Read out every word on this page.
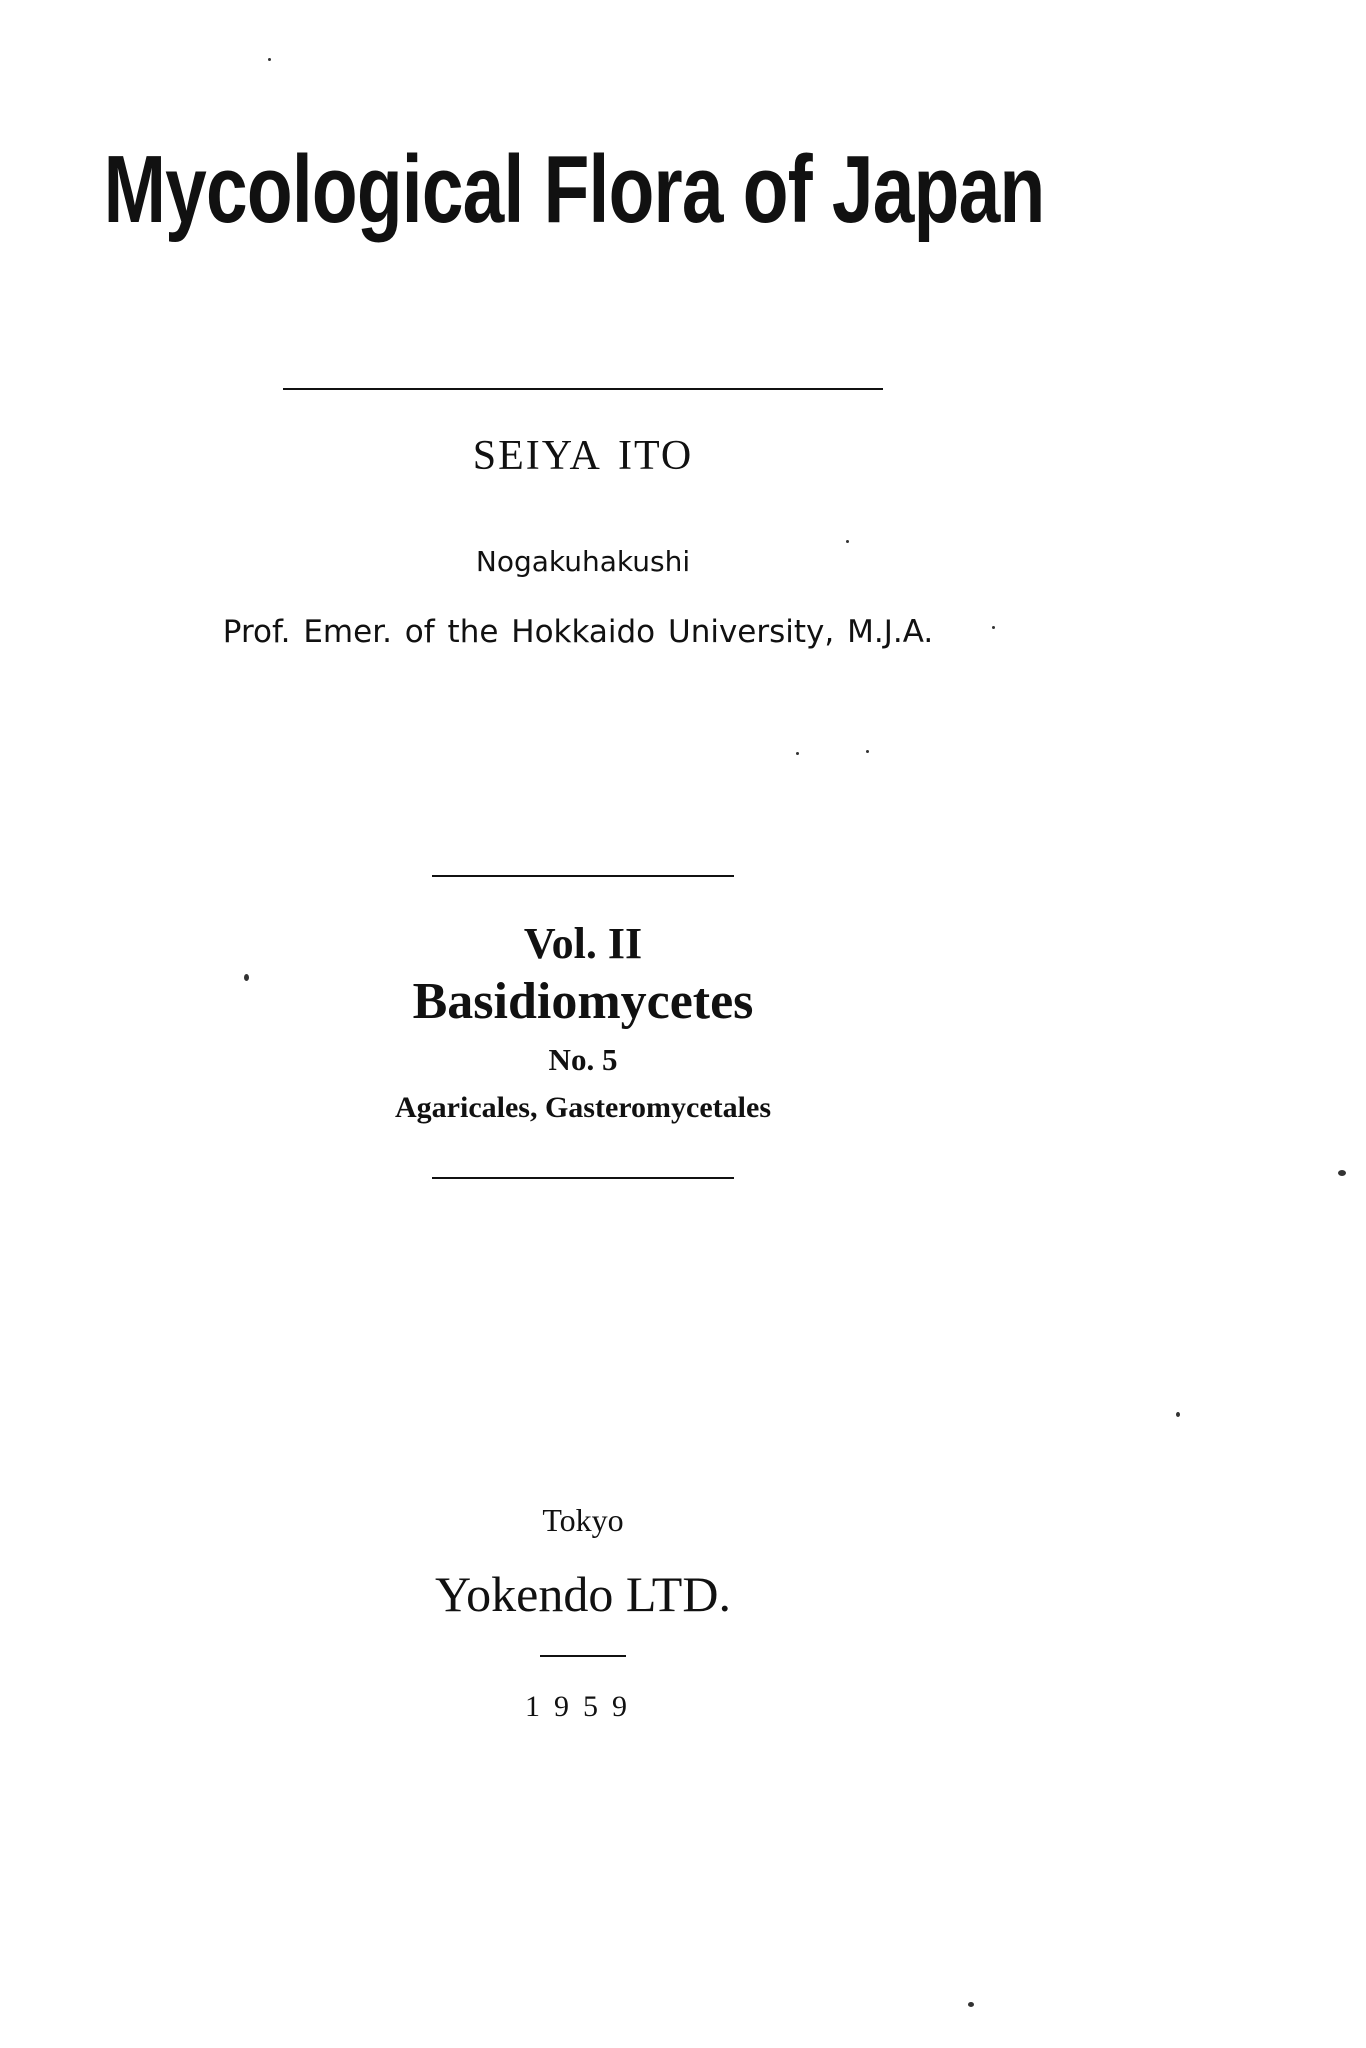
Mycological Flora of Japan
SEIYA ITO
Nogakuhakushi
Prof. Emer. of the Hokkaido University, M.J.A.
Vol. II
Basidiomycetes
No. 5
Agaricales, Gasteromycetales
Tokyo
Yokendo LTD.
1959
